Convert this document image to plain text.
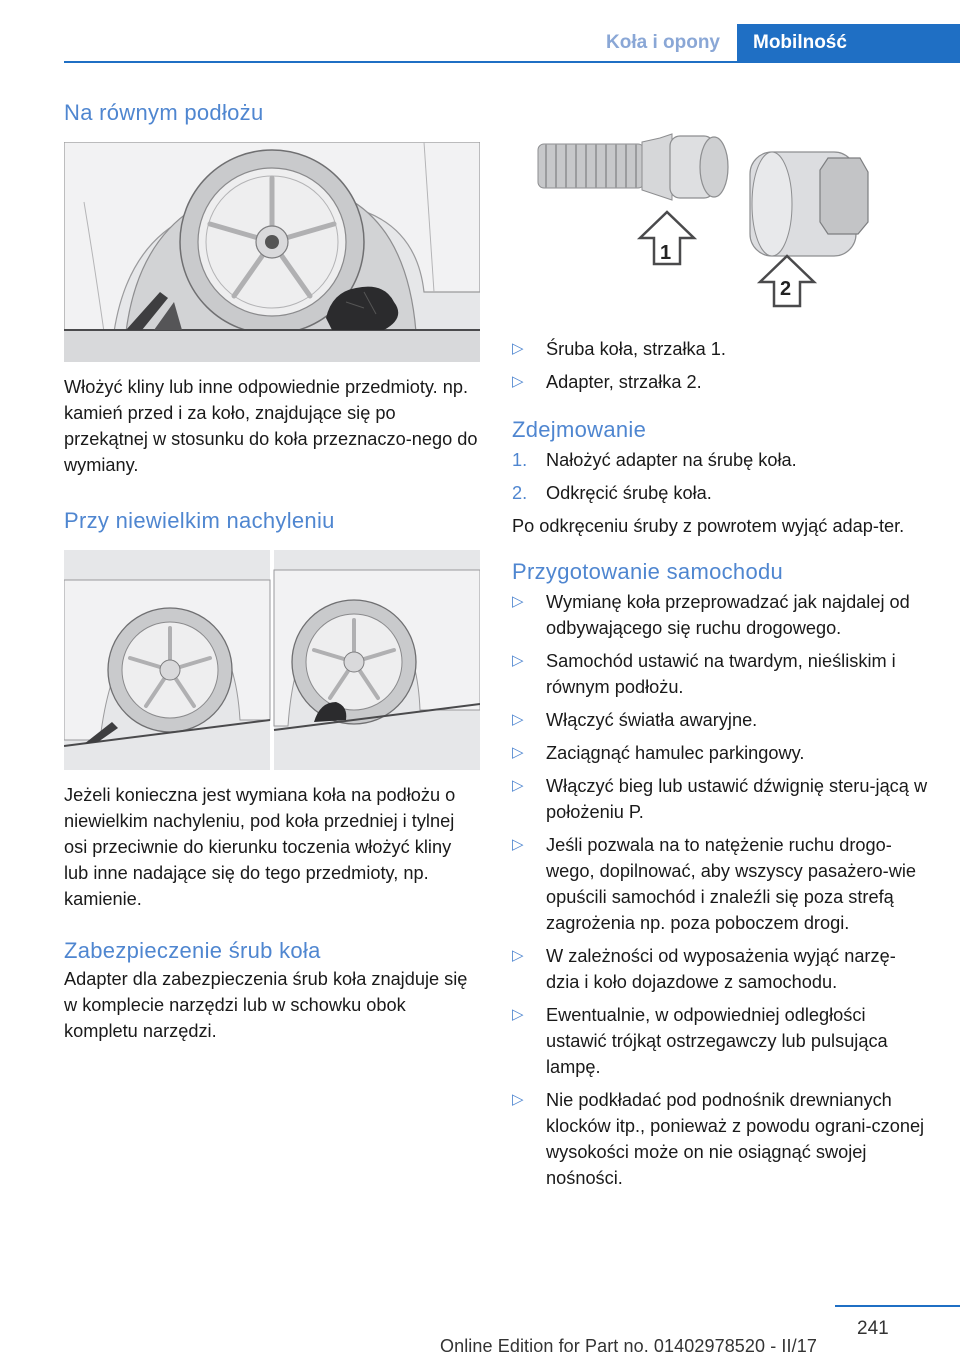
Koła i opony	Mobilność
Na równym podłożu

Włożyć kliny lub inne odpowiednie przedmioty. np. kamień przed i za koło, znajdujące się po przekątnej w stosunku do koła przeznaczo-nego do wymiany.

Przy niewielkim nachyleniu

Jeżeli konieczna jest wymiana koła na podłożu o niewielkim nachyleniu, pod koła przedniej i tylnej osi przeciwnie do kierunku toczenia włożyć kliny lub inne nadające się do tego przedmioty, np. kamienie.

Zabezpieczenie śrub koła

Adapter dla zabezpieczenia śrub koła znajduje się w komplecie narzędzi lub w schowku obok kompletu narzędzi.

1
2
▷	Śruba koła, strzałka 1.
▷	Adapter, strzałka 2.
Zdejmowanie
1.	Nałożyć adapter na śrubę koła.
2.	Odkręcić śrubę koła.

Po odkręceniu śruby z powrotem wyjąć adap-ter.

Przygotowanie samochodu
▷	Wymianę koła przeprowadzać jak najdalej od odbywającego się ruchu drogowego.
▷	Samochód ustawić na twardym, nieśliskim i równym podłożu.
▷	Włączyć światła awaryjne.
▷	Zaciągnąć hamulec parkingowy.
▷	Włączyć bieg lub ustawić dźwignię steru-jącą w położeniu P.
▷	Jeśli pozwala na to natężenie ruchu drogo-wego, dopilnować, aby wszyscy pasażero-wie opuścili samochód i znaleźli się poza strefą zagrożenia np. poza poboczem drogi.
▷	W zależności od wyposażenia wyjąć narzę-dzia i koło dojazdowe z samochodu.
▷	Ewentualnie, w odpowiedniej odległości ustawić trójkąt ostrzegawczy lub pulsująca lampę.
▷	Nie podkładać pod podnośnik drewnianych klocków itp., ponieważ z powodu ograni-czonej wysokości może on nie osiągnąć swojej nośności.
241
Online Edition for Part no. 01402978520 - II/17
